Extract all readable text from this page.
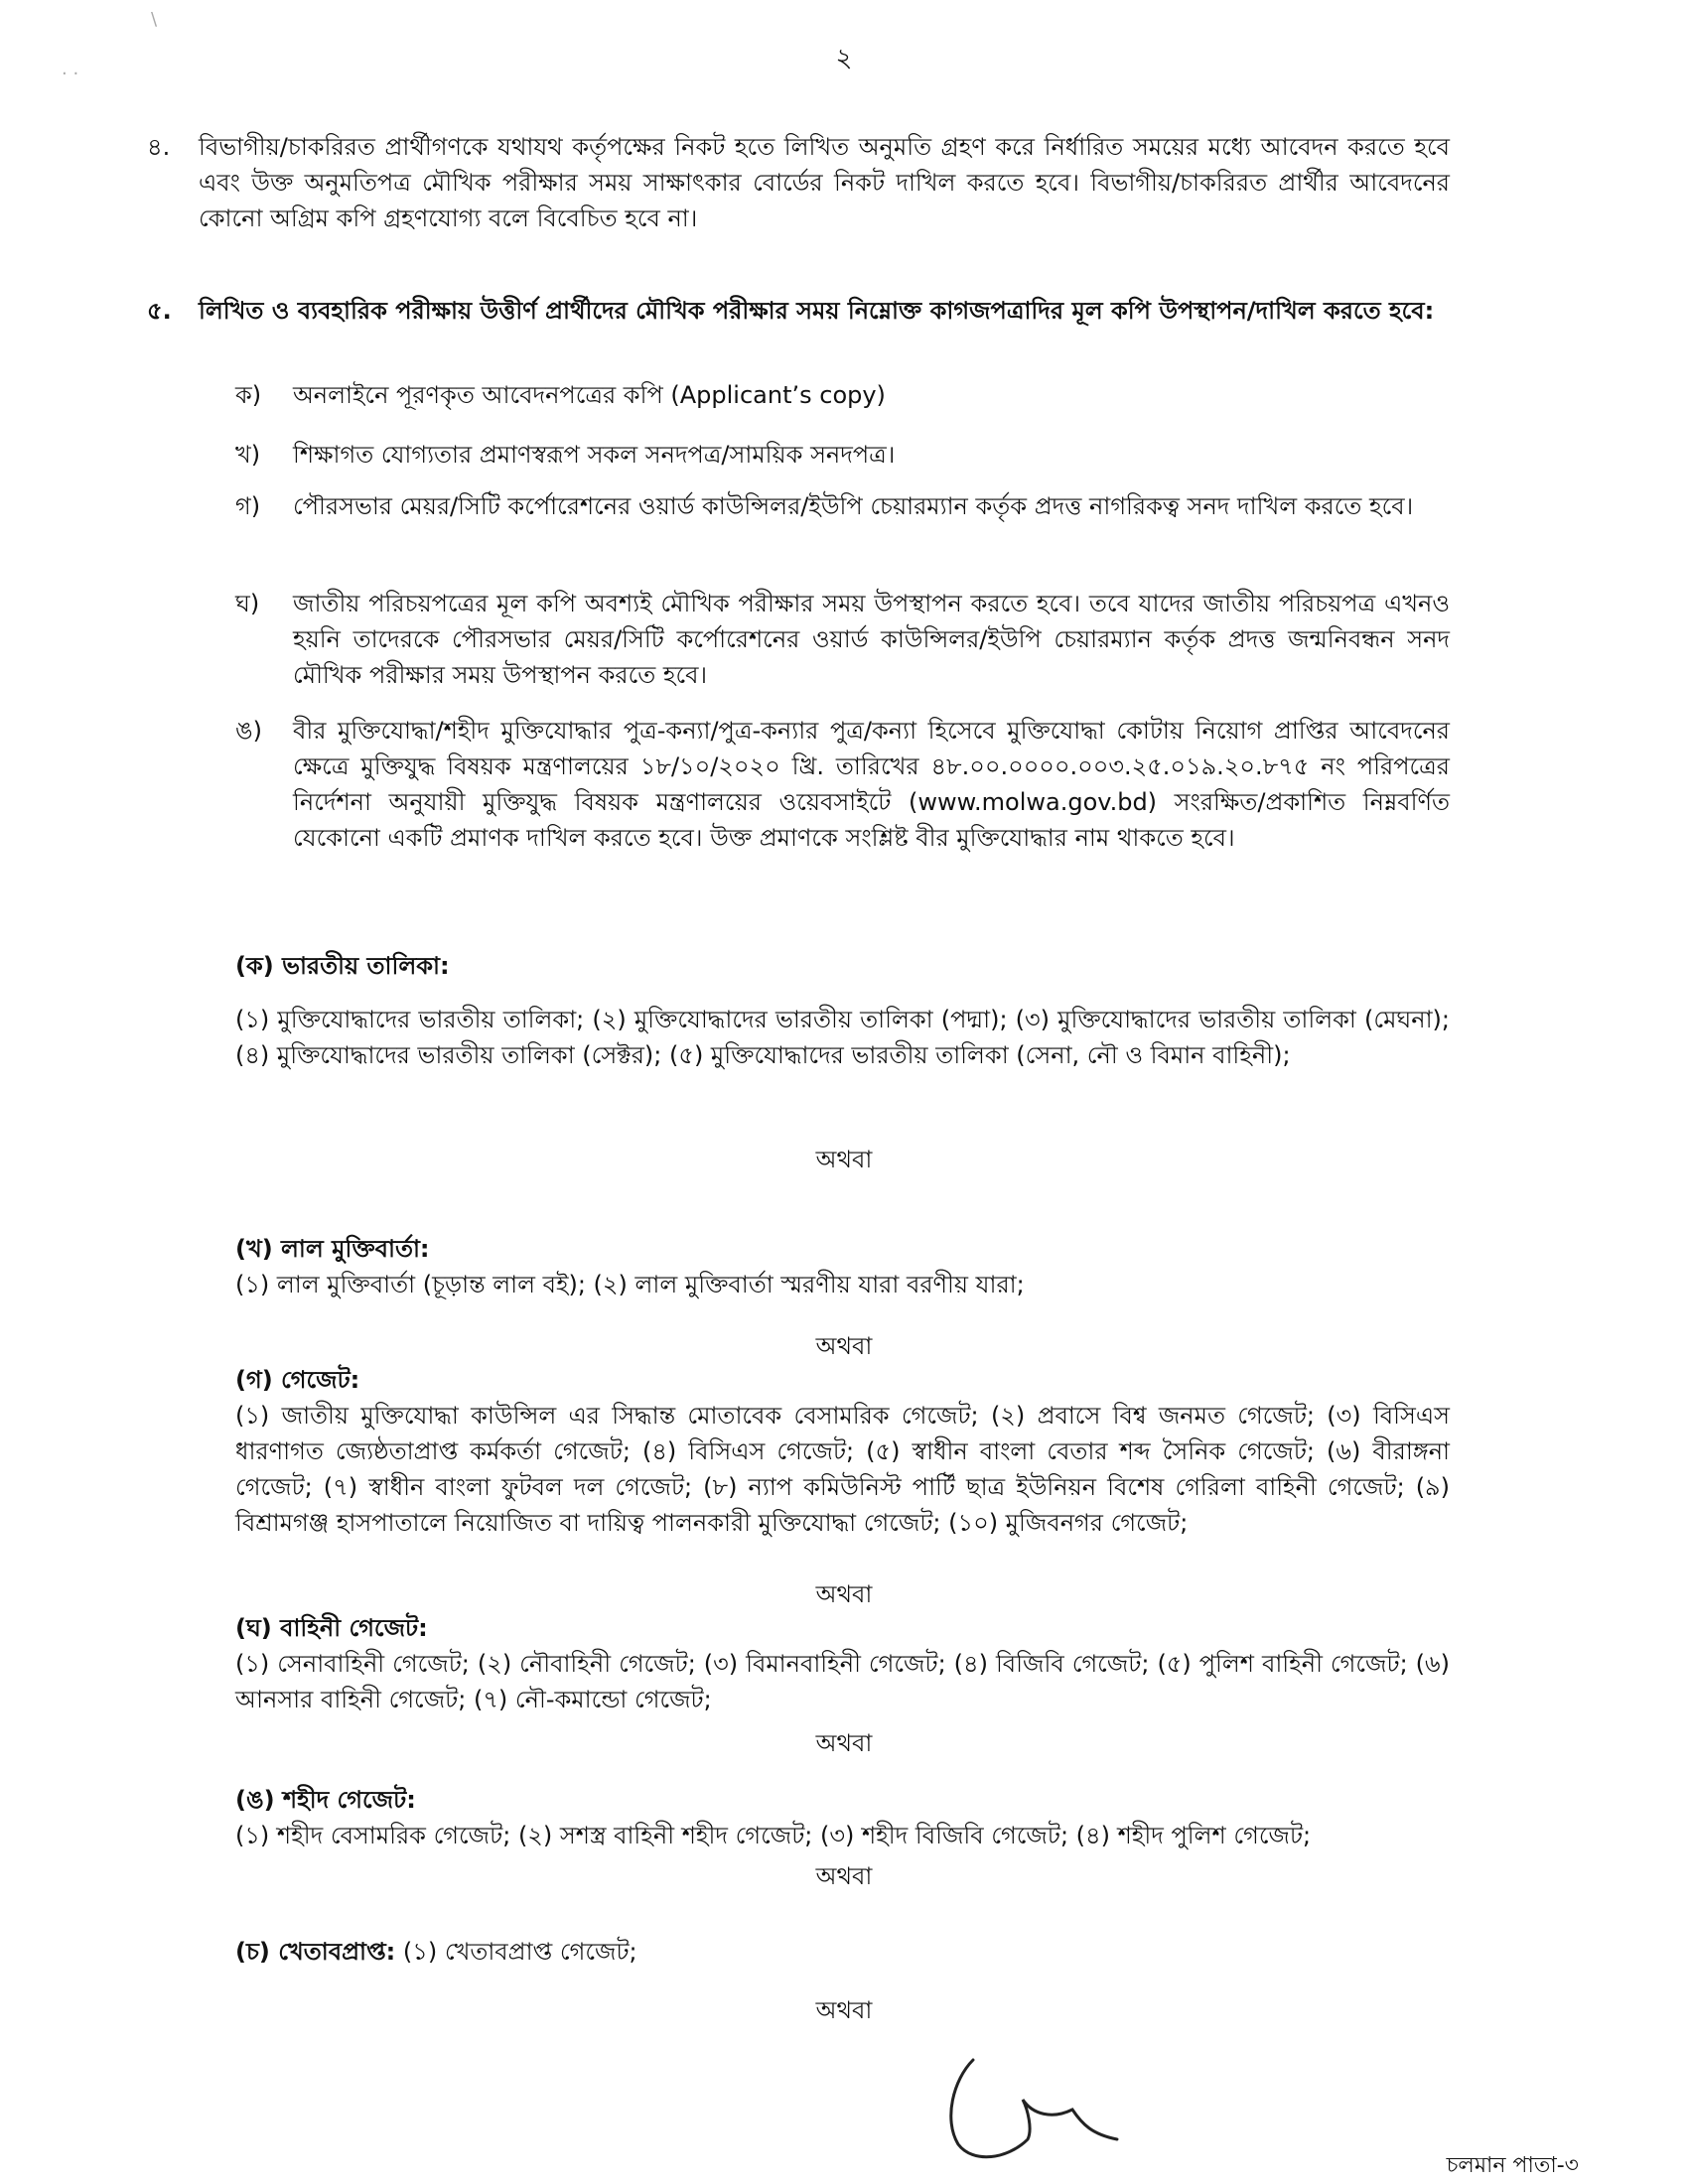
\
. .	২
৪. বিভাগীয়/চাকরিরত প্রার্থীগণকে যথাযথ কর্তৃপক্ষের নিকট হতে লিখিত অনুমতি গ্রহণ করে নির্ধারিত সময়ের মধ্যে আবেদন করতে হবে এবং উক্ত অনুমতিপত্র মৌখিক পরীক্ষার সময় সাক্ষাৎকার বোর্ডের নিকট দাখিল করতে হবে। বিভাগীয়/চাকরিরত প্রার্থীর আবেদনের কোনো অগ্রিম কপি গ্রহণযোগ্য বলে বিবেচিত হবে না।

৫. লিখিত ও ব্যবহারিক পরীক্ষায় উত্তীর্ণ প্রার্থীদের মৌখিক পরীক্ষার সময় নিম্নোক্ত কাগজপত্রাদির মূল কপি উপস্থাপন/দাখিল করতে হবে:

ক) অনলাইনে পূরণকৃত আবেদনপত্রের কপি (Applicant’s copy)

খ) শিক্ষাগত যোগ্যতার প্রমাণস্বরূপ সকল সনদপত্র/সাময়িক সনদপত্র।

গ) পৌরসভার মেয়র/সিটি কর্পোরেশনের ওয়ার্ড কাউন্সিলর/ইউপি চেয়ারম্যান কর্তৃক প্রদত্ত নাগরিকত্ব সনদ দাখিল করতে হবে।

ঘ) জাতীয় পরিচয়পত্রের মূল কপি অবশ্যই মৌখিক পরীক্ষার সময় উপস্থাপন করতে হবে। তবে যাদের জাতীয় পরিচয়পত্র এখনও হয়নি তাদেরকে পৌরসভার মেয়র/সিটি কর্পোরেশনের ওয়ার্ড কাউন্সিলর/ইউপি চেয়ারম্যান কর্তৃক প্রদত্ত জন্মনিবন্ধন সনদ মৌখিক পরীক্ষার সময় উপস্থাপন করতে হবে।

ঙ) বীর মুক্তিযোদ্ধা/শহীদ মুক্তিযোদ্ধার পুত্র-কন্যা/পুত্র-কন্যার পুত্র/কন্যা হিসেবে মুক্তিযোদ্ধা কোটায় নিয়োগ প্রাপ্তির আবেদনের ক্ষেত্রে মুক্তিযুদ্ধ বিষয়ক মন্ত্রণালয়ের ১৮/১০/২০২০ খ্রি. তারিখের ৪৮.০০.০০০০.০০৩.২৫.০১৯.২০.৮৭৫ নং পরিপত্রের নির্দেশনা অনুযায়ী মুক্তিযুদ্ধ বিষয়ক মন্ত্রণালয়ের ওয়েবসাইটে (www.molwa.gov.bd) সংরক্ষিত/প্রকাশিত নিম্নবর্ণিত যেকোনো একটি প্রমাণক দাখিল করতে হবে। উক্ত প্রমাণকে সংশ্লিষ্ট বীর মুক্তিযোদ্ধার নাম থাকতে হবে।

(ক) ভারতীয় তালিকা:

(১) মুক্তিযোদ্ধাদের ভারতীয় তালিকা; (২) মুক্তিযোদ্ধাদের ভারতীয় তালিকা (পদ্মা); (৩) মুক্তিযোদ্ধাদের ভারতীয় তালিকা (মেঘনা); (৪) মুক্তিযোদ্ধাদের ভারতীয় তালিকা (সেক্টর); (৫) মুক্তিযোদ্ধাদের ভারতীয় তালিকা (সেনা, নৌ ও বিমান বাহিনী);

অথবা

(খ) লাল মুক্তিবার্তা:

(১) লাল মুক্তিবার্তা (চূড়ান্ত লাল বই); (২) লাল মুক্তিবার্তা স্মরণীয় যারা বরণীয় যারা;

অথবা

(গ) গেজেট:

(১) জাতীয় মুক্তিযোদ্ধা কাউন্সিল এর সিদ্ধান্ত মোতাবেক বেসামরিক গেজেট; (২) প্রবাসে বিশ্ব জনমত গেজেট; (৩) বিসিএস ধারণাগত জ্যেষ্ঠতাপ্রাপ্ত কর্মকর্তা গেজেট; (৪) বিসিএস গেজেট; (৫) স্বাধীন বাংলা বেতার শব্দ সৈনিক গেজেট; (৬) বীরাঙ্গনা গেজেট; (৭) স্বাধীন বাংলা ফুটবল দল গেজেট; (৮) ন্যাপ কমিউনিস্ট পার্টি ছাত্র ইউনিয়ন বিশেষ গেরিলা বাহিনী গেজেট; (৯) বিশ্রামগঞ্জ হাসপাতালে নিয়োজিত বা দায়িত্ব পালনকারী মুক্তিযোদ্ধা গেজেট; (১০) মুজিবনগর গেজেট;

অথবা

(ঘ) বাহিনী গেজেট:

(১) সেনাবাহিনী গেজেট; (২) নৌবাহিনী গেজেট; (৩) বিমানবাহিনী গেজেট; (৪) বিজিবি গেজেট; (৫) পুলিশ বাহিনী গেজেট; (৬) আনসার বাহিনী গেজেট; (৭) নৌ-কমান্ডো গেজেট;

অথবা

(ঙ) শহীদ গেজেট:

(১) শহীদ বেসামরিক গেজেট; (২) সশস্ত্র বাহিনী শহীদ গেজেট; (৩) শহীদ বিজিবি গেজেট; (৪) শহীদ পুলিশ গেজেট;

অথবা

(চ) খেতাবপ্রাপ্ত: (১) খেতাবপ্রাপ্ত গেজেট;

অথবা
চলমান পাতা-৩
